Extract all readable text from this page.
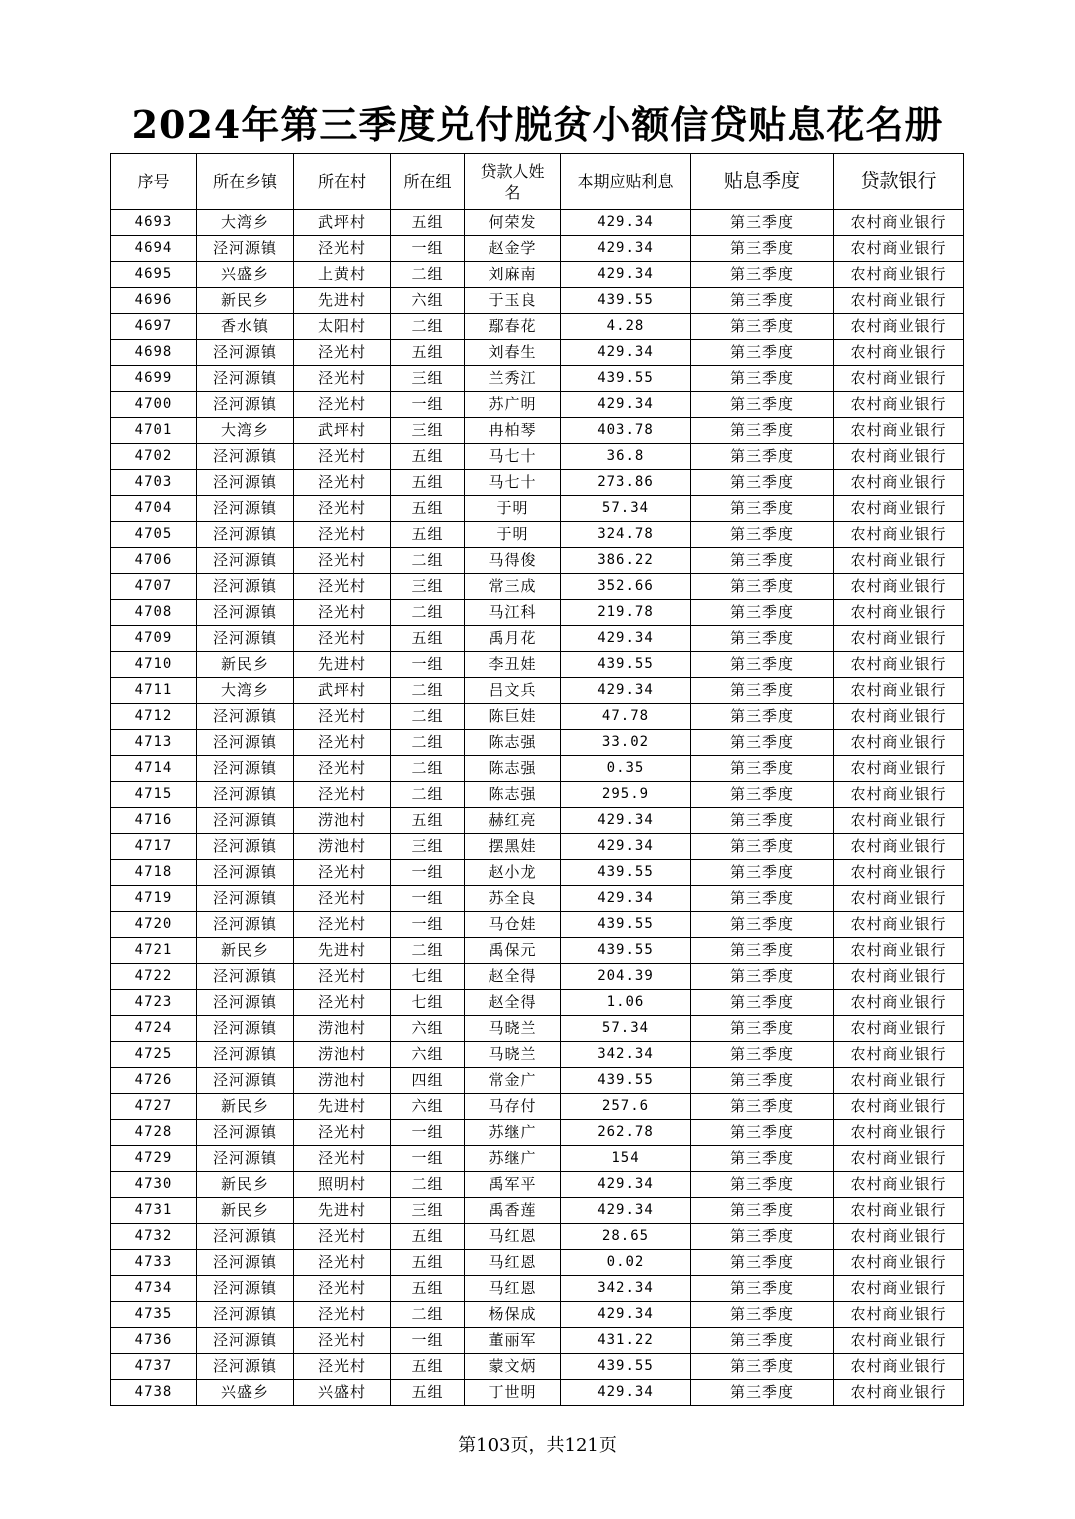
2024年第三季度兑付脱贫小额信贷贴息花名册
序号	所在乡镇	所在村	所在组	贷款人姓名	本期应贴利息	贴息季度	贷款银行
4693	大湾乡	武坪村	五组	何荣发	429.34	第三季度	农村商业银行
4694	泾河源镇	泾光村	一组	赵金学	429.34	第三季度	农村商业银行
4695	兴盛乡	上黄村	二组	刘麻南	429.34	第三季度	农村商业银行
4696	新民乡	先进村	六组	于玉良	439.55	第三季度	农村商业银行
4697	香水镇	太阳村	二组	鄢春花	4.28	第三季度	农村商业银行
4698	泾河源镇	泾光村	五组	刘春生	429.34	第三季度	农村商业银行
4699	泾河源镇	泾光村	三组	兰秀江	439.55	第三季度	农村商业银行
4700	泾河源镇	泾光村	一组	苏广明	429.34	第三季度	农村商业银行
4701	大湾乡	武坪村	三组	冉柏琴	403.78	第三季度	农村商业银行
4702	泾河源镇	泾光村	五组	马七十	36.8	第三季度	农村商业银行
4703	泾河源镇	泾光村	五组	马七十	273.86	第三季度	农村商业银行
4704	泾河源镇	泾光村	五组	于明	57.34	第三季度	农村商业银行
4705	泾河源镇	泾光村	五组	于明	324.78	第三季度	农村商业银行
4706	泾河源镇	泾光村	二组	马得俊	386.22	第三季度	农村商业银行
4707	泾河源镇	泾光村	三组	常三成	352.66	第三季度	农村商业银行
4708	泾河源镇	泾光村	二组	马江科	219.78	第三季度	农村商业银行
4709	泾河源镇	泾光村	五组	禹月花	429.34	第三季度	农村商业银行
4710	新民乡	先进村	一组	李丑娃	439.55	第三季度	农村商业银行
4711	大湾乡	武坪村	二组	吕文兵	429.34	第三季度	农村商业银行
4712	泾河源镇	泾光村	二组	陈巨娃	47.78	第三季度	农村商业银行
4713	泾河源镇	泾光村	二组	陈志强	33.02	第三季度	农村商业银行
4714	泾河源镇	泾光村	二组	陈志强	0.35	第三季度	农村商业银行
4715	泾河源镇	泾光村	二组	陈志强	295.9	第三季度	农村商业银行
4716	泾河源镇	涝池村	五组	赫红亮	429.34	第三季度	农村商业银行
4717	泾河源镇	涝池村	三组	摆黑娃	429.34	第三季度	农村商业银行
4718	泾河源镇	泾光村	一组	赵小龙	439.55	第三季度	农村商业银行
4719	泾河源镇	泾光村	一组	苏全良	429.34	第三季度	农村商业银行
4720	泾河源镇	泾光村	一组	马仓娃	439.55	第三季度	农村商业银行
4721	新民乡	先进村	二组	禹保元	439.55	第三季度	农村商业银行
4722	泾河源镇	泾光村	七组	赵全得	204.39	第三季度	农村商业银行
4723	泾河源镇	泾光村	七组	赵全得	1.06	第三季度	农村商业银行
4724	泾河源镇	涝池村	六组	马晓兰	57.34	第三季度	农村商业银行
4725	泾河源镇	涝池村	六组	马晓兰	342.34	第三季度	农村商业银行
4726	泾河源镇	涝池村	四组	常金广	439.55	第三季度	农村商业银行
4727	新民乡	先进村	六组	马存付	257.6	第三季度	农村商业银行
4728	泾河源镇	泾光村	一组	苏继广	262.78	第三季度	农村商业银行
4729	泾河源镇	泾光村	一组	苏继广	154	第三季度	农村商业银行
4730	新民乡	照明村	二组	禹军平	429.34	第三季度	农村商业银行
4731	新民乡	先进村	三组	禹香莲	429.34	第三季度	农村商业银行
4732	泾河源镇	泾光村	五组	马红恩	28.65	第三季度	农村商业银行
4733	泾河源镇	泾光村	五组	马红恩	0.02	第三季度	农村商业银行
4734	泾河源镇	泾光村	五组	马红恩	342.34	第三季度	农村商业银行
4735	泾河源镇	泾光村	二组	杨保成	429.34	第三季度	农村商业银行
4736	泾河源镇	泾光村	一组	董丽军	431.22	第三季度	农村商业银行
4737	泾河源镇	泾光村	五组	蒙文炳	439.55	第三季度	农村商业银行
4738	兴盛乡	兴盛村	五组	丁世明	429.34	第三季度	农村商业银行
第103页，共121页
